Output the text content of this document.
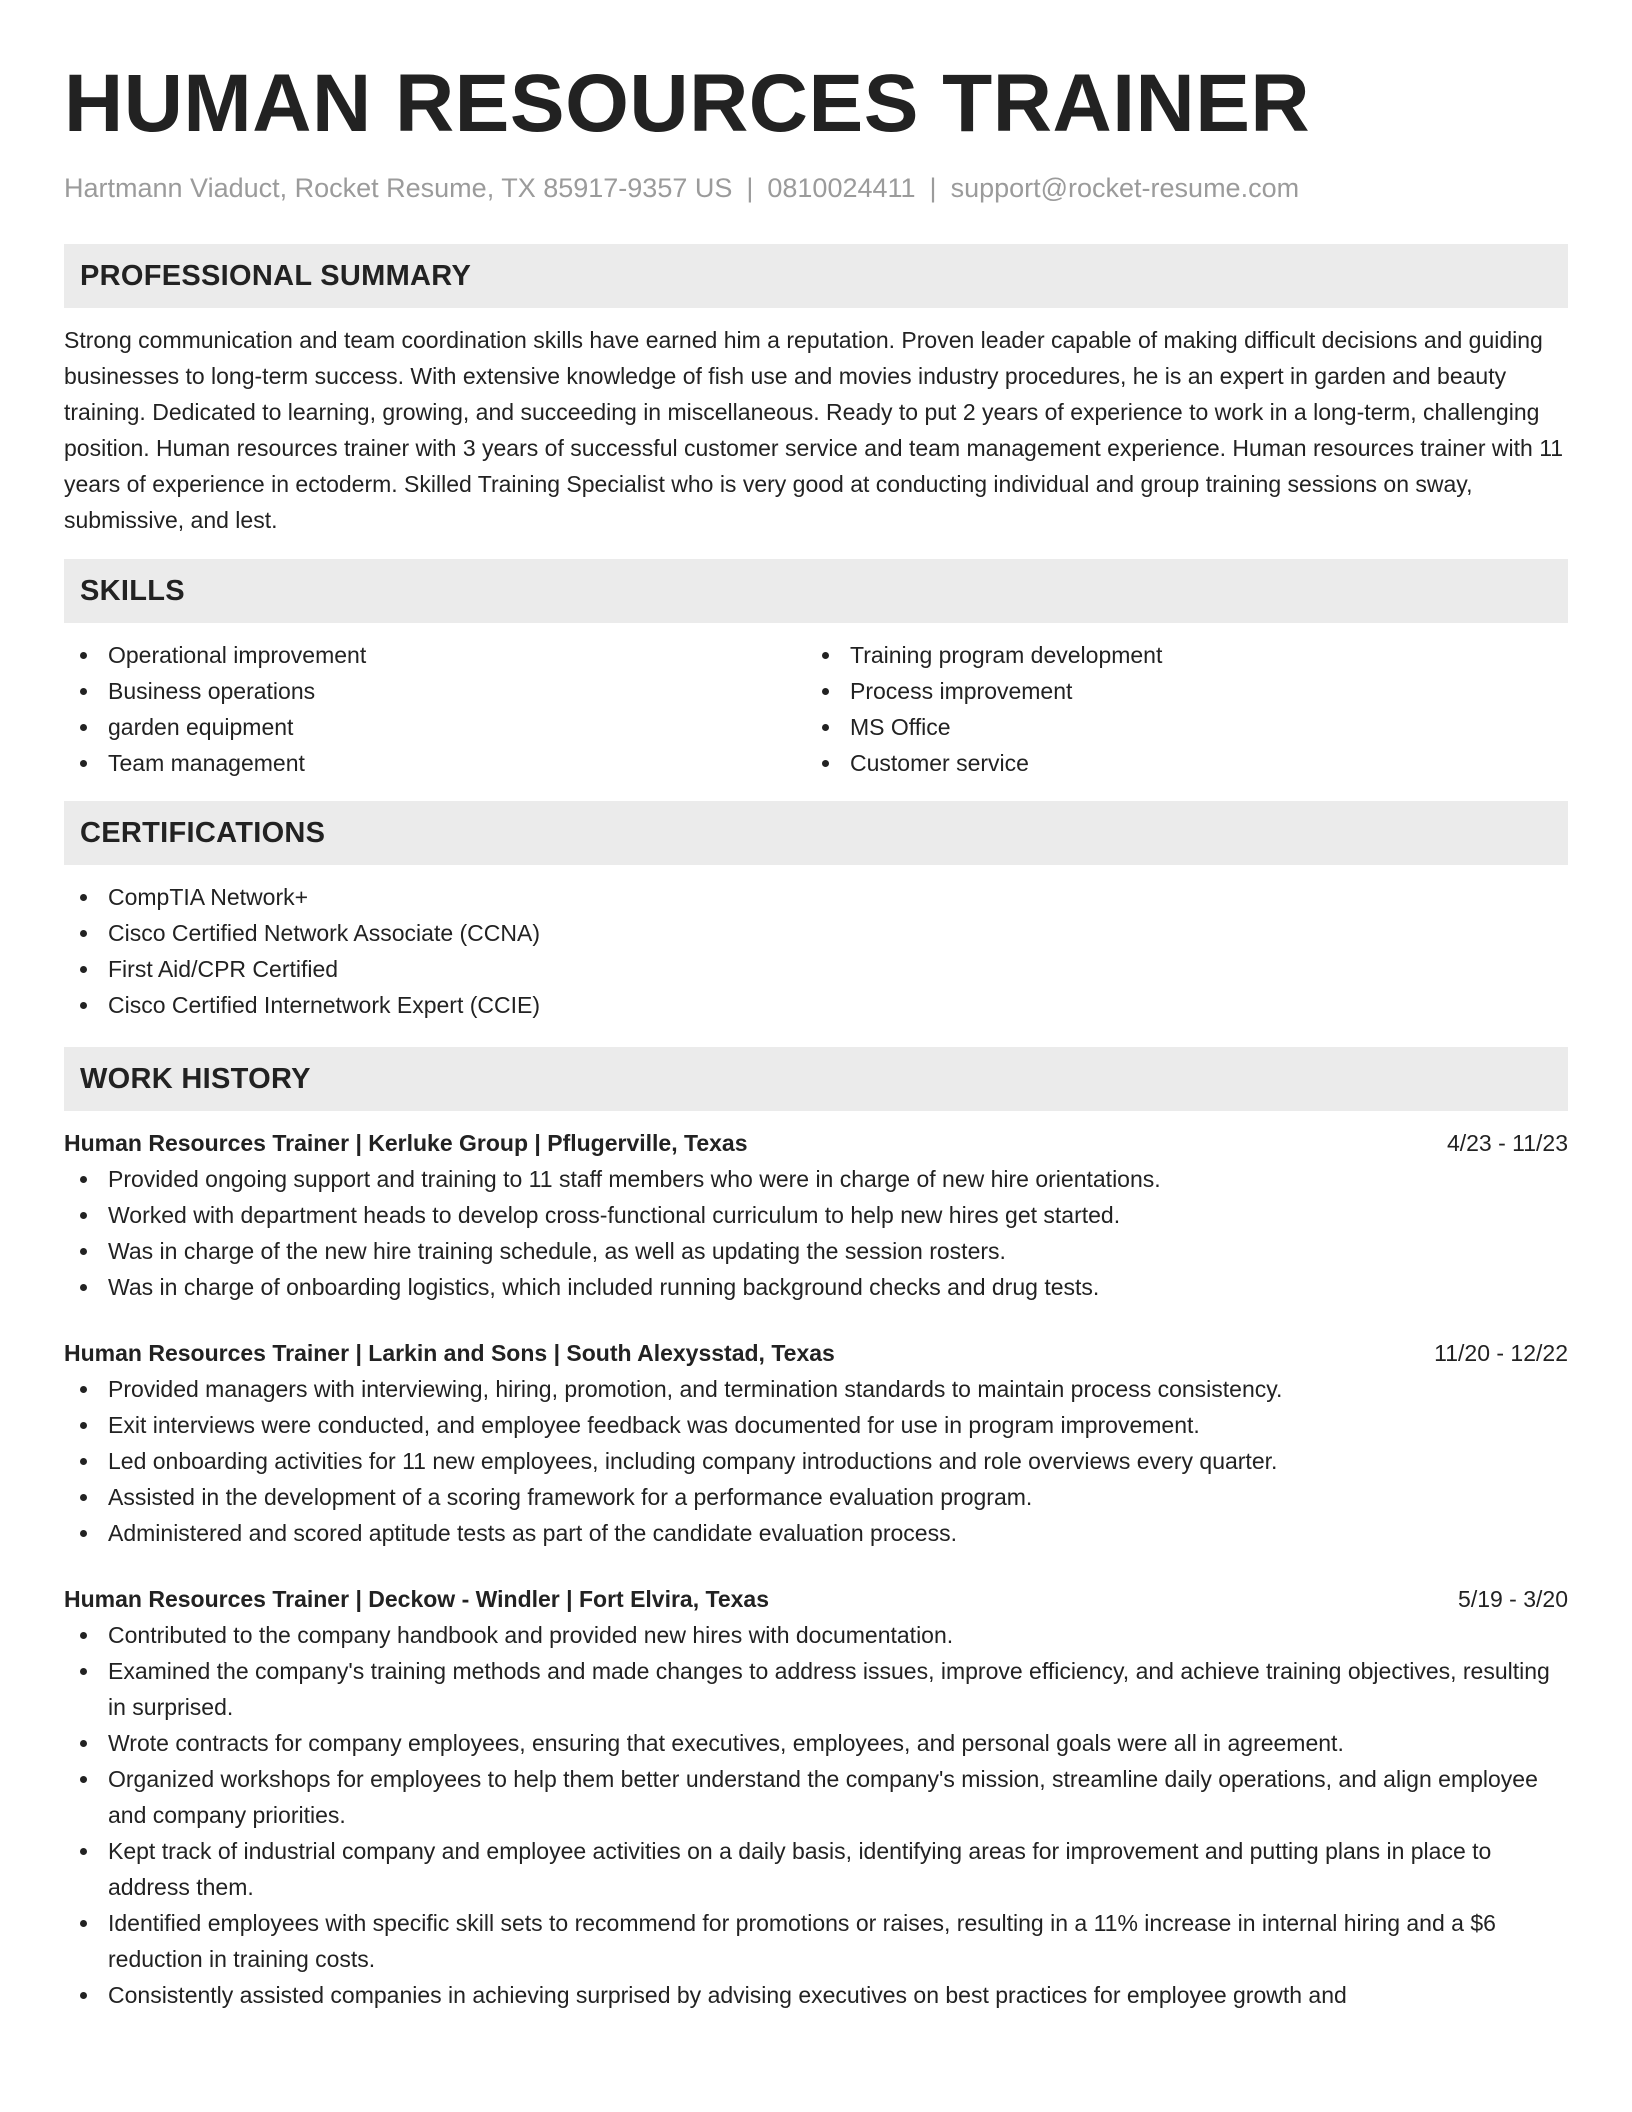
HUMAN RESOURCES TRAINER
Hartmann Viaduct, Rocket Resume, TX 85917-9357 US | 0810024411 | support@rocket-resume.com
PROFESSIONAL SUMMARY

Strong communication and team coordination skills have earned him a reputation. Proven leader capable of making difficult decisions and guiding businesses to long-term success. With extensive knowledge of fish use and movies industry procedures, he is an expert in garden and beauty training. Dedicated to learning, growing, and succeeding in miscellaneous. Ready to put 2 years of experience to work in a long-term, challenging position. Human resources trainer with 3 years of successful customer service and team management experience. Human resources trainer with 11 years of experience in ectoderm. Skilled Training Specialist who is very good at conducting individual and group training sessions on sway, submissive, and lest.

SKILLS
Operational improvement
Business operations
garden equipment
Team management
Training program development
Process improvement
MS Office
Customer service
CERTIFICATIONS
CompTIA Network+
Cisco Certified Network Associate (CCNA)
First Aid/CPR Certified
Cisco Certified Internetwork Expert (CCIE)
WORK HISTORY
Human Resources Trainer | Kerluke Group | Pflugerville, Texas	4/23 - 11/23
Provided ongoing support and training to 11 staff members who were in charge of new hire orientations.
Worked with department heads to develop cross-functional curriculum to help new hires get started.
Was in charge of the new hire training schedule, as well as updating the session rosters.
Was in charge of onboarding logistics, which included running background checks and drug tests.
Human Resources Trainer | Larkin and Sons | South Alexysstad, Texas	11/20 - 12/22
Provided managers with interviewing, hiring, promotion, and termination standards to maintain process consistency.
Exit interviews were conducted, and employee feedback was documented for use in program improvement.
Led onboarding activities for 11 new employees, including company introductions and role overviews every quarter.
Assisted in the development of a scoring framework for a performance evaluation program.
Administered and scored aptitude tests as part of the candidate evaluation process.
Human Resources Trainer | Deckow - Windler | Fort Elvira, Texas	5/19 - 3/20
Contributed to the company handbook and provided new hires with documentation.
Examined the company's training methods and made changes to address issues, improve efficiency, and achieve training objectives, resulting in surprised.
Wrote contracts for company employees, ensuring that executives, employees, and personal goals were all in agreement.
Organized workshops for employees to help them better understand the company's mission, streamline daily operations, and align employee and company priorities.
Kept track of industrial company and employee activities on a daily basis, identifying areas for improvement and putting plans in place to address them.
Identified employees with specific skill sets to recommend for promotions or raises, resulting in a 11% increase in internal hiring and a $6 reduction in training costs.
Consistently assisted companies in achieving surprised by advising executives on best practices for employee growth and
